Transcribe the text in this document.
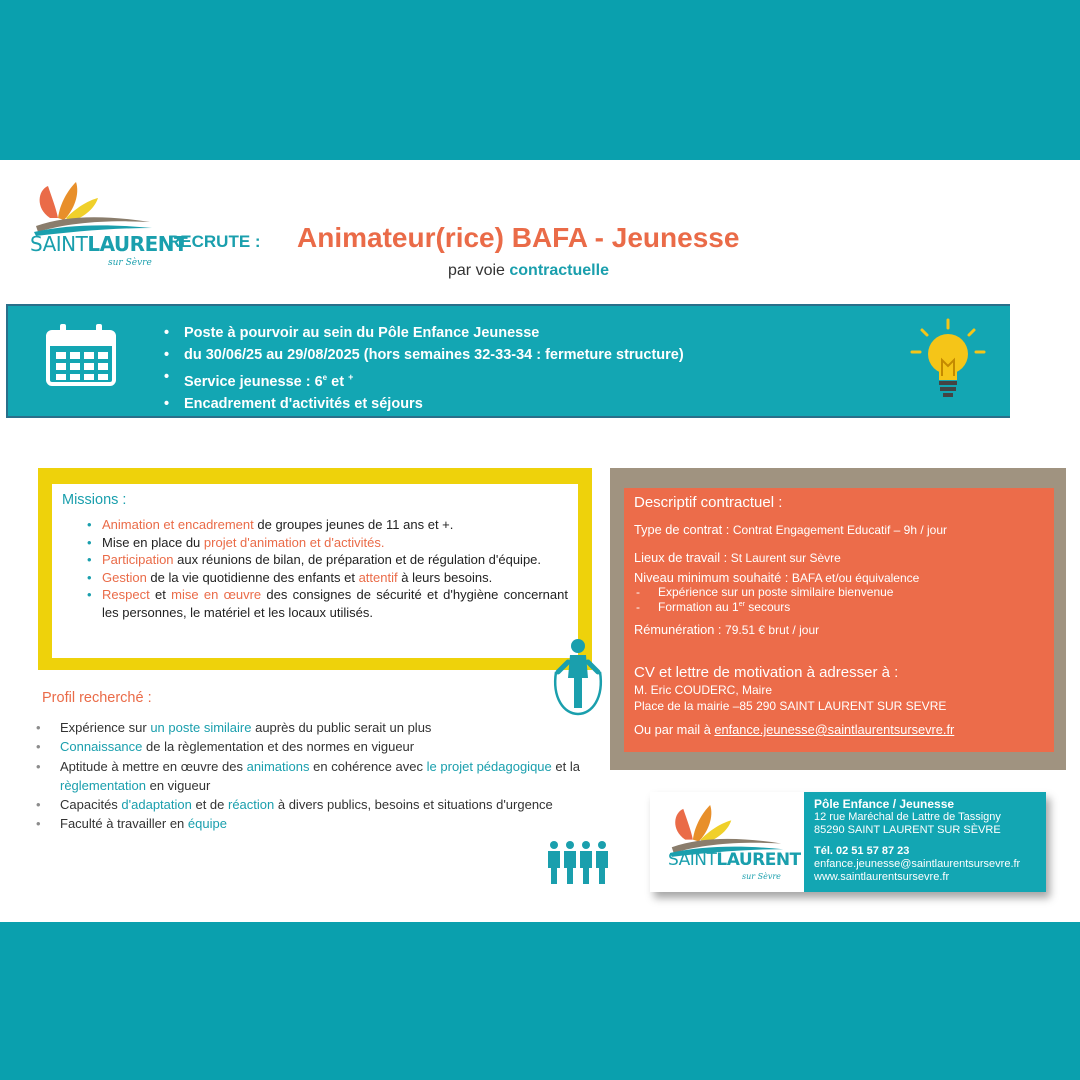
SAINTLAURENT
sur Sèvre
RECRUTE : Animateur(rice) BAFA - Jeunesse
par voie contractuelle
• Poste à pourvoir au sein du Pôle Enfance Jeunesse
• du 30/06/25 au 29/08/2025 (hors semaines 32-33-34 : fermeture structure)
• Service jeunesse : 6e et +
• Encadrement d'activités et séjours
Missions :
• Animation et encadrement de groupes jeunes de 11 ans et +.
• Mise en place du projet d'animation et d'activités.
• Participation aux réunions de bilan, de préparation et de régulation d'équipe.
• Gestion de la vie quotidienne des enfants et attentif à leurs besoins.
• Respect et mise en œuvre des consignes de sécurité et d'hygiène concernant les personnes, le matériel et les locaux utilisés.
Profil recherché :
• Expérience sur un poste similaire auprès du public serait un plus
• Connaissance de la règlementation et des normes en vigueur
• Aptitude à mettre en œuvre des animations en cohérence avec le projet pédagogique et la règlementation en vigueur
• Capacités d'adaptation et de réaction à divers publics, besoins et situations d'urgence
• Faculté à travailler en équipe
Descriptif contractuel :
Type de contrat : Contrat Engagement Educatif – 9h / jour
Lieux de travail : St Laurent sur Sèvre
Niveau minimum souhaité : BAFA et/ou équivalence
- Expérience sur un poste similaire bienvenue
- Formation au 1er secours
Rémunération : 79.51 € brut / jour
CV et lettre de motivation à adresser à :
M. Eric COUDERC, Maire
Place de la mairie –85 290 SAINT LAURENT SUR SEVRE
Ou par mail à enfance.jeunesse@saintlaurentsursevre.fr
SAINTLAURENT
sur Sèvre
Pôle Enfance / Jeunesse
12 rue Maréchal de Lattre de Tassigny
85290 SAINT LAURENT SUR SÈVRE
Tél. 02 51 57 87 23
enfance.jeunesse@saintlaurentsursevre.fr
www.saintlaurentsursevre.fr
